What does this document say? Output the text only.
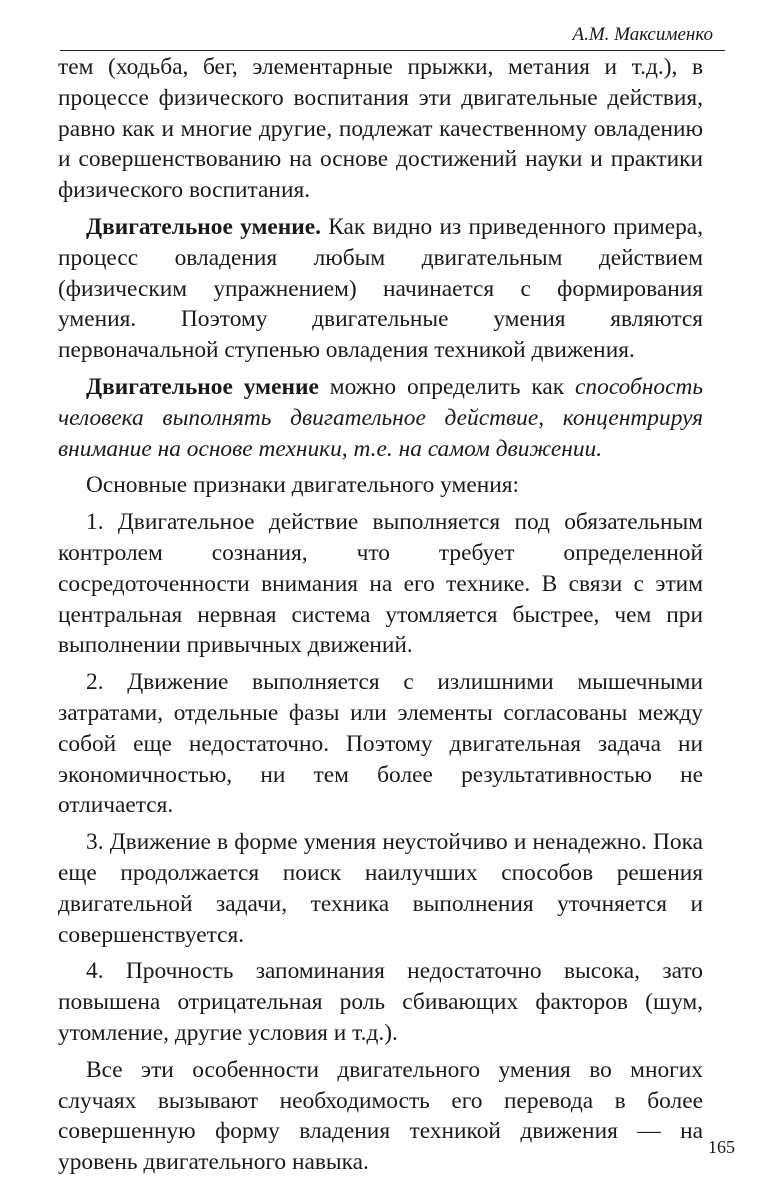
А.М. Максименко

тем (ходьба, бег, элементарные прыжки, метания и т.д.), в процессе физического воспитания эти двигательные действия, равно как и многие другие, подлежат качественному овладению и совершенствованию на основе достижений науки и практики физического воспитания.

Двигательное умение. Как видно из приведенного примера, процесс овладения любым двигательным действием (физическим упражнением) начинается с формирования умения. Поэтому двигательные умения являются первоначальной ступенью овладения техникой движения.

Двигательное умение можно определить как способность человека выполнять двигательное действие, концентрируя внимание на основе техники, т.е. на самом движении.

Основные признаки двигательного умения:

1. Двигательное действие выполняется под обязательным контролем сознания, что требует определенной сосредоточенности внимания на его технике. В связи с этим центральная нервная система утомляется быстрее, чем при выполнении привычных движений.

2. Движение выполняется с излишними мышечными затратами, отдельные фазы или элементы согласованы между собой еще недостаточно. Поэтому двигательная задача ни экономичностью, ни тем более результативностью не отличается.

3. Движение в форме умения неустойчиво и ненадежно. Пока еще продолжается поиск наилучших способов решения двигательной задачи, техника выполнения уточняется и совершенствуется.

4. Прочность запоминания недостаточно высока, зато повышена отрицательная роль сбивающих факторов (шум, утомление, другие условия и т.д.).

Все эти особенности двигательного умения во многих случаях вызывают необходимость его перевода в более совершенную форму владения техникой движения — на уровень двигательного навыка.

165
